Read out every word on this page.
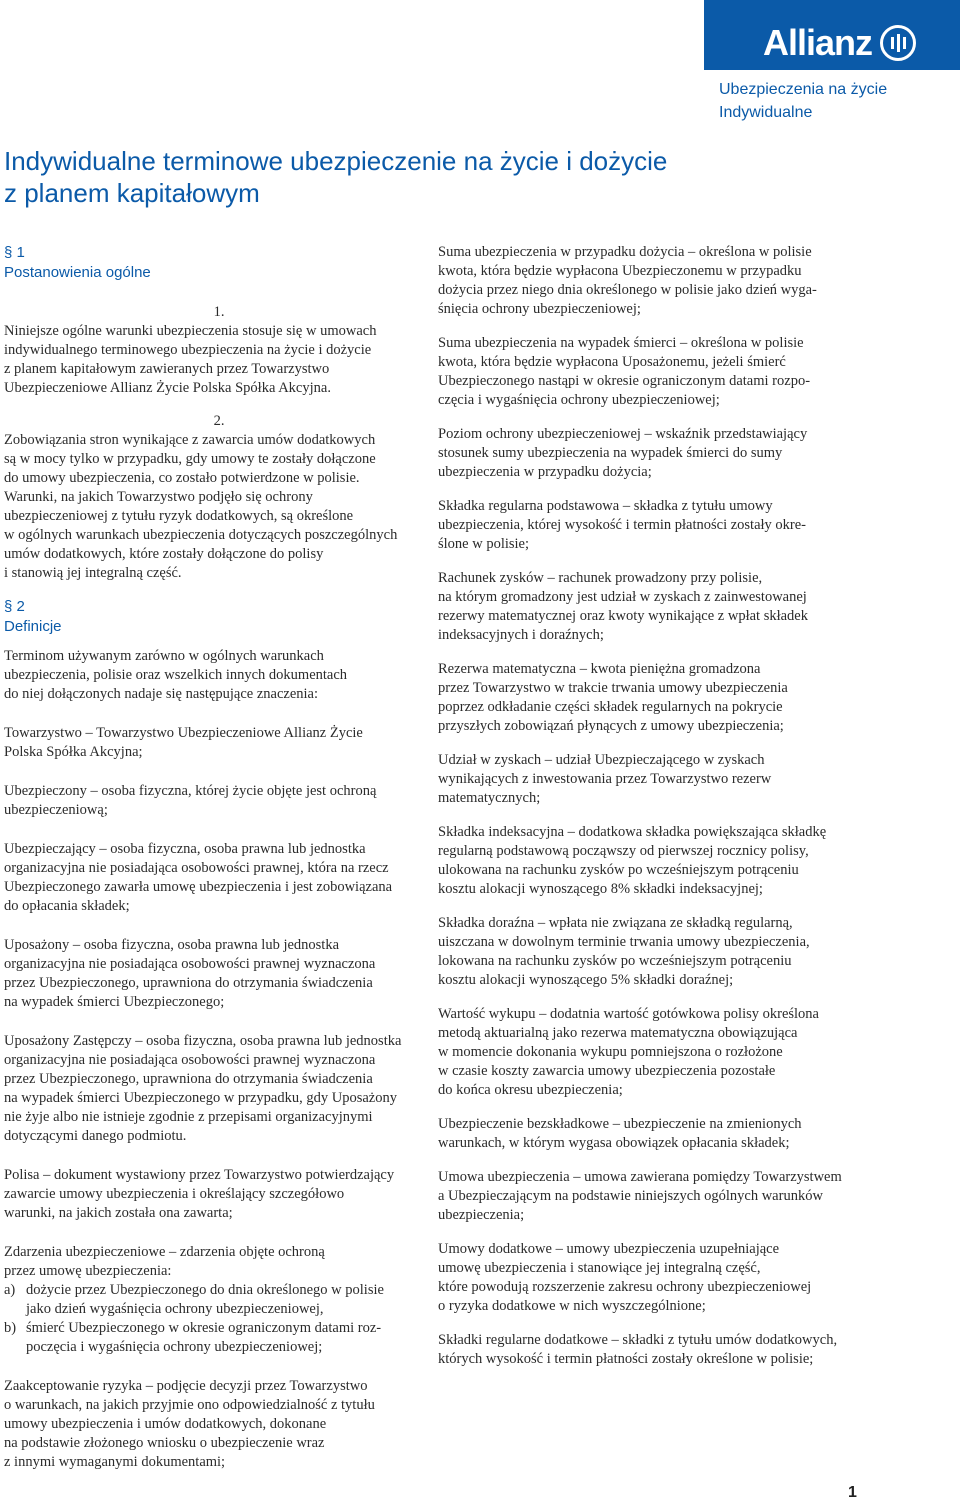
Allianz
Ubezpieczenia na życie
Indywidualne
Indywidualne terminowe ubezpieczenie na życie i dożycie
z planem kapitałowym
§ 1
Postanowienia ogólne
1.
Niniejsze ogólne warunki ubezpieczenia stosuje się w umowach
indywidualnego terminowego ubezpieczenia na życie i dożycie
z planem kapitałowym zawieranych przez Towarzystwo
Ubezpieczeniowe Allianz Życie Polska Spółka Akcyjna.
2.
Zobowiązania stron wynikające z zawarcia umów dodatkowych
są w mocy tylko w przypadku, gdy umowy te zostały dołączone
do umowy ubezpieczenia, co zostało potwierdzone w polisie.
Warunki, na jakich Towarzystwo podjęło się ochrony
ubezpieczeniowej z tytułu ryzyk dodatkowych, są określone
w ogólnych warunkach ubezpieczenia dotyczących poszczególnych
umów dodatkowych, które zostały dołączone do polisy
i stanowią jej integralną część.
§ 2
Definicje
Terminom używanym zarówno w ogólnych warunkach
ubezpieczenia, polisie oraz wszelkich innych dokumentach
do niej dołączonych nadaje się następujące znaczenia:
Towarzystwo – Towarzystwo Ubezpieczeniowe Allianz Życie
Polska Spółka Akcyjna;
Ubezpieczony – osoba fizyczna, której życie objęte jest ochroną
ubezpieczeniową;
Ubezpieczający – osoba fizyczna, osoba prawna lub jednostka
organizacyjna nie posiadająca osobowości prawnej, która na rzecz
Ubezpieczonego zawarła umowę ubezpieczenia i jest zobowiązana
do opłacania składek;
Uposażony – osoba fizyczna, osoba prawna lub jednostka
organizacyjna nie posiadająca osobowości prawnej wyznaczona
przez Ubezpieczonego, uprawniona do otrzymania świadczenia
na wypadek śmierci Ubezpieczonego;
Uposażony Zastępczy – osoba fizyczna, osoba prawna lub jednostka
organizacyjna nie posiadająca osobowości prawnej wyznaczona
przez Ubezpieczonego, uprawniona do otrzymania świadczenia
na wypadek śmierci Ubezpieczonego w przypadku, gdy Uposażony
nie żyje albo nie istnieje zgodnie z przepisami organizacyjnymi
dotyczącymi danego podmiotu.
Polisa – dokument wystawiony przez Towarzystwo potwierdzający
zawarcie umowy ubezpieczenia i określający szczegółowo
warunki, na jakich została ona zawarta;
Zdarzenia ubezpieczeniowe – zdarzenia objęte ochroną
przez umowę ubezpieczenia:
a) dożycie przez Ubezpieczonego do dnia określonego w polisie
jako dzień wygaśnięcia ochrony ubezpieczeniowej,
b) śmierć Ubezpieczonego w okresie ograniczonym datami roz-
poczęcia i wygaśnięcia ochrony ubezpieczeniowej;
Zaakceptowanie ryzyka – podjęcie decyzji przez Towarzystwo
o warunkach, na jakich przyjmie ono odpowiedzialność z tytułu
umowy ubezpieczenia i umów dodatkowych, dokonane
na podstawie złożonego wniosku o ubezpieczenie wraz
z innymi wymaganymi dokumentami;
Suma ubezpieczenia w przypadku dożycia – określona w polisie
kwota, która będzie wypłacona Ubezpieczonemu w przypadku
dożycia przez niego dnia określonego w polisie jako dzień wyga-
śnięcia ochrony ubezpieczeniowej;
Suma ubezpieczenia na wypadek śmierci – określona w polisie
kwota, która będzie wypłacona Uposażonemu, jeżeli śmierć
Ubezpieczonego nastąpi w okresie ograniczonym datami rozpo-
częcia i wygaśnięcia ochrony ubezpieczeniowej;
Poziom ochrony ubezpieczeniowej – wskaźnik przedstawiający
stosunek sumy ubezpieczenia na wypadek śmierci do sumy
ubezpieczenia w przypadku dożycia;
Składka regularna podstawowa – składka z tytułu umowy
ubezpieczenia, której wysokość i termin płatności zostały okre-
ślone w polisie;
Rachunek zysków – rachunek prowadzony przy polisie,
na którym gromadzony jest udział w zyskach z zainwestowanej
rezerwy matematycznej oraz kwoty wynikające z wpłat składek
indeksacyjnych i doraźnych;
Rezerwa matematyczna – kwota pieniężna gromadzona
przez Towarzystwo w trakcie trwania umowy ubezpieczenia
poprzez odkładanie części składek regularnych na pokrycie
przyszłych zobowiązań płynących z umowy ubezpieczenia;
Udział w zyskach – udział Ubezpieczającego w zyskach
wynikających z inwestowania przez Towarzystwo rezerw
matematycznych;
Składka indeksacyjna – dodatkowa składka powiększająca składkę
regularną podstawową począwszy od pierwszej rocznicy polisy,
ulokowana na rachunku zysków po wcześniejszym potrąceniu
kosztu alokacji wynoszącego 8% składki indeksacyjnej;
Składka doraźna – wpłata nie związana ze składką regularną,
uiszczana w dowolnym terminie trwania umowy ubezpieczenia,
lokowana na rachunku zysków po wcześniejszym potrąceniu
kosztu alokacji wynoszącego 5% składki doraźnej;
Wartość wykupu – dodatnia wartość gotówkowa polisy określona
metodą aktuarialną jako rezerwa matematyczna obowiązująca
w momencie dokonania wykupu pomniejszona o rozłożone
w czasie koszty zawarcia umowy ubezpieczenia pozostałe
do końca okresu ubezpieczenia;
Ubezpieczenie bezskładkowe – ubezpieczenie na zmienionych
warunkach, w którym wygasa obowiązek opłacania składek;
Umowa ubezpieczenia – umowa zawierana pomiędzy Towarzystwem
a Ubezpieczającym na podstawie niniejszych ogólnych warunków
ubezpieczenia;
Umowy dodatkowe – umowy ubezpieczenia uzupełniające
umowę ubezpieczenia i stanowiące jej integralną część,
które powodują rozszerzenie zakresu ochrony ubezpieczeniowej
o ryzyka dodatkowe w nich wyszczególnione;
Składki regularne dodatkowe – składki z tytułu umów dodatkowych,
których wysokość i termin płatności zostały określone w polisie;
1
